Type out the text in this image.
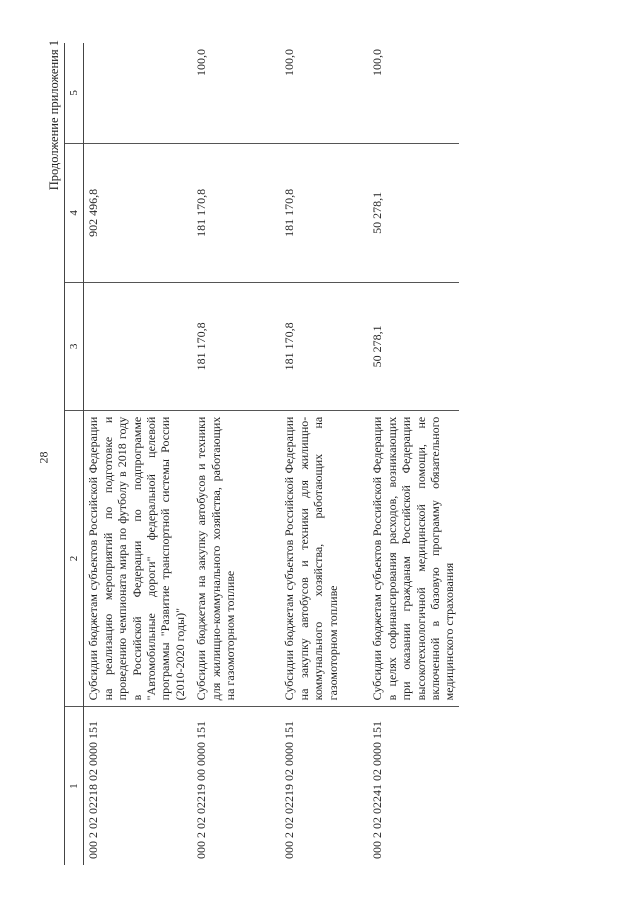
28
Продолжение приложения 1
1	2	3	4	5
000 2 02 02218 02 0000 151	Субсидии бюджетам субъектов Российской Федерации на реализацию мероприятий по подготовке и проведению чемпионата мира по футболу в 2018 году в Российской Федерации по подпрограмме "Автомобильные дороги" федеральной целевой программы "Развитие транспортной системы России (2010-2020 годы)"		902 496,8	
000 2 02 02219 00 0000 151	Субсидии бюджетам на закупку автобусов и техники для жилищно-коммунального хозяйства, работающих на газомоторном топливе	181 170,8	181 170,8	100,0
000 2 02 02219 02 0000 151	Субсидии бюджетам субъектов Российской Федерации на закупку автобусов и техники для жилищно-коммунального хозяйства, работающих на газомоторном топливе	181 170,8	181 170,8	100,0
000 2 02 02241 02 0000 151	Субсидии бюджетам субъектов Российской Федерации в целях софинансирования расходов, возникающих при оказании гражданам Российской Федерации высокотехнологичной медицинской помощи, не включенной в базовую программу обязательного медицинского страхования	50 278,1	50 278,1	100,0
